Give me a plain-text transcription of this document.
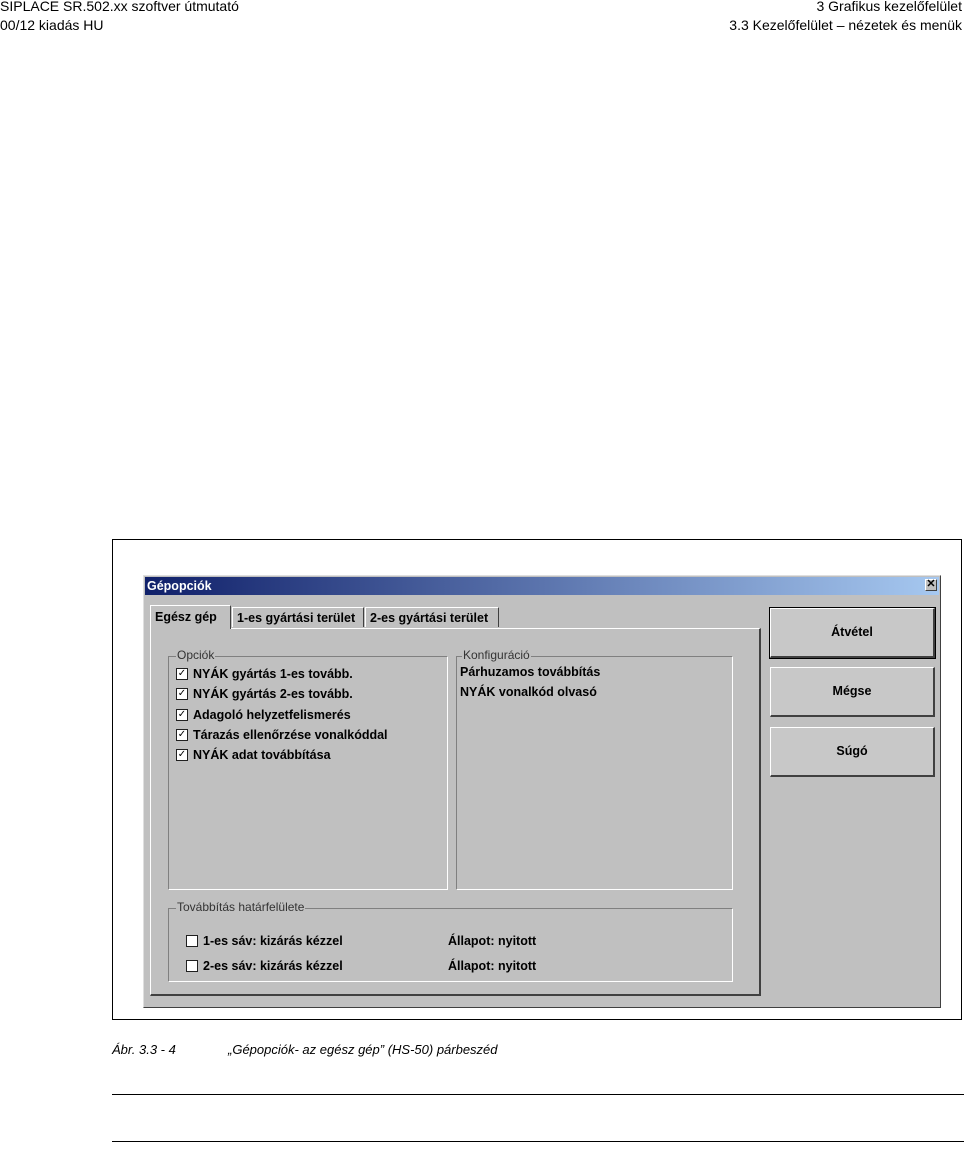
SIPLACE SR.502.xx szoftver útmutató
00/12 kiadás HU
3 Grafikus kezelőfelület
3.3 Kezelőfelület – nézetek és menük
Gépopciók	✕
Egész gép	1-es gyártási terület	2-es gyártási terület
Opciók
✓ NYÁK gyártás 1-es tovább.
✓ NYÁK gyártás 2-es tovább.
✓ Adagoló helyzetfelismerés
✓ Tárazás ellenőrzése vonalkóddal
✓ NYÁK adat továbbítása
Konfiguráció
Párhuzamos továbbítás
NYÁK vonalkód olvasó
Továbbítás határfelülete
1-es sáv: kizárás kézzel	Állapot: nyitott
2-es sáv: kizárás kézzel	Állapot: nyitott
Átvétel
Mégse
Súgó
Ábr. 3.3 - 4	„Gépopciók- az egész gép” (HS-50) párbeszéd
